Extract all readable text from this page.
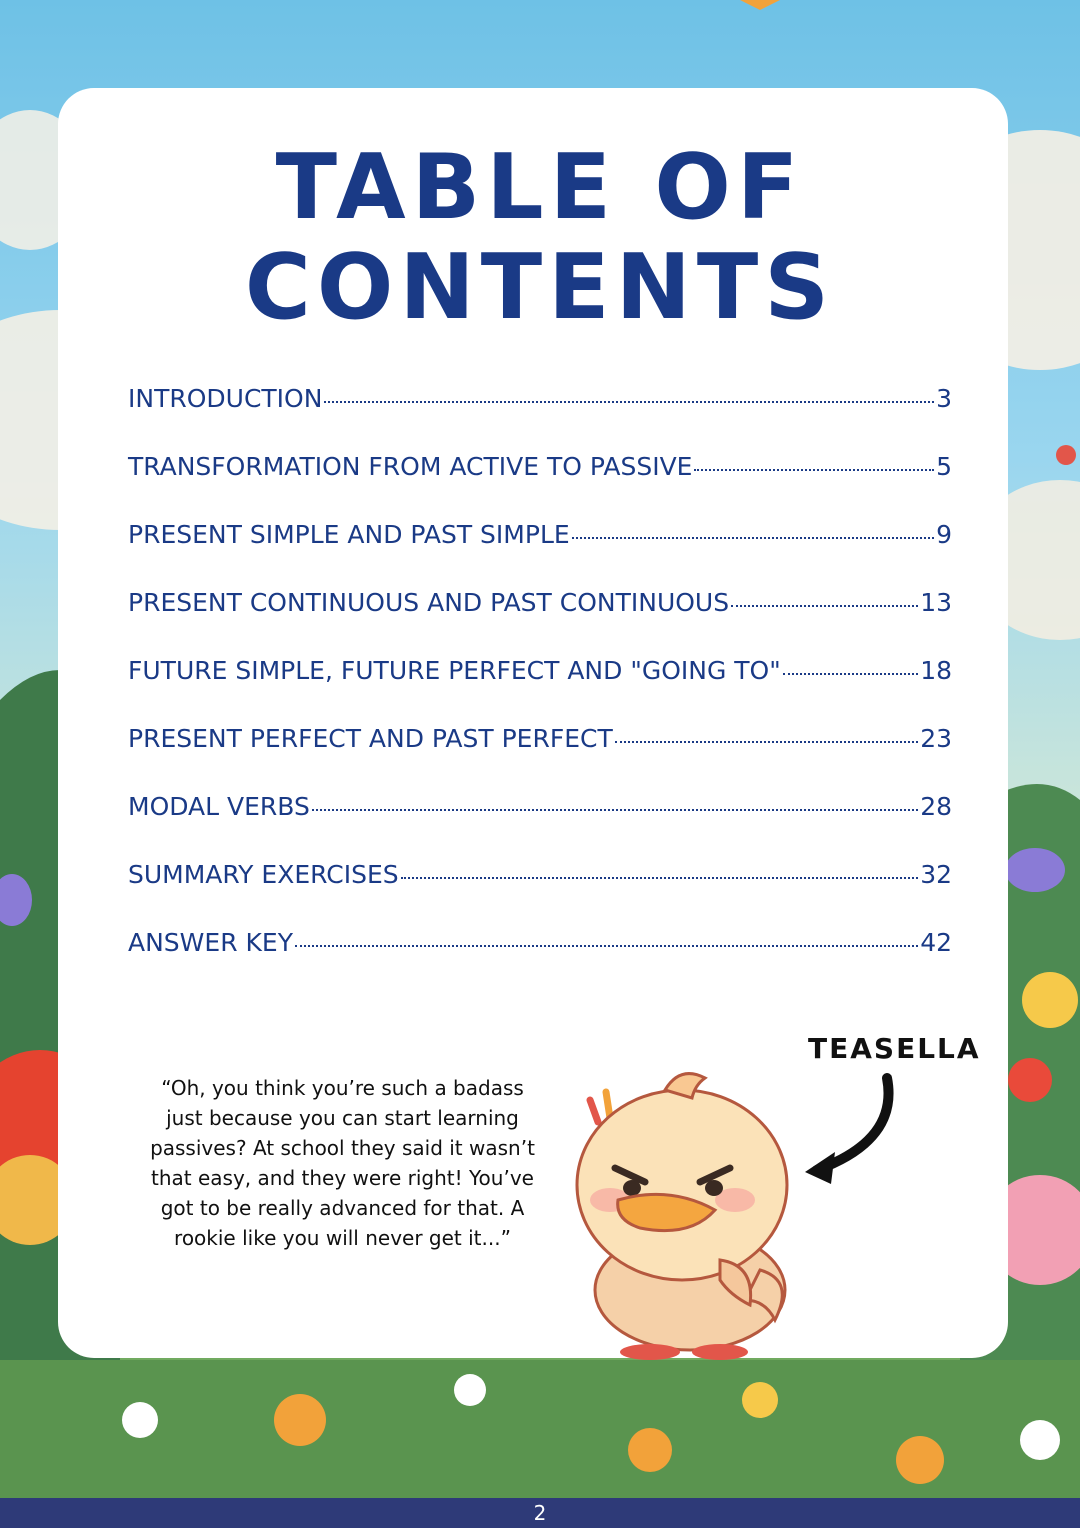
TABLE OF
CONTENTS
INTRODUCTION	3
TRANSFORMATION FROM ACTIVE TO PASSIVE	5
PRESENT SIMPLE AND PAST SIMPLE	9
PRESENT CONTINUOUS AND PAST CONTINUOUS	13
FUTURE SIMPLE, FUTURE PERFECT AND "GOING TO"	18
PRESENT PERFECT AND PAST PERFECT	23
MODAL VERBS	28
SUMMARY EXERCISES	32
ANSWER KEY	42
“Oh, you think you’re such a badass just because you can start learning passives? At school they said it wasn’t that easy, and they were right! You’ve got to be really advanced for that. A rookie like you will never get it...”
TEASELLA
2
